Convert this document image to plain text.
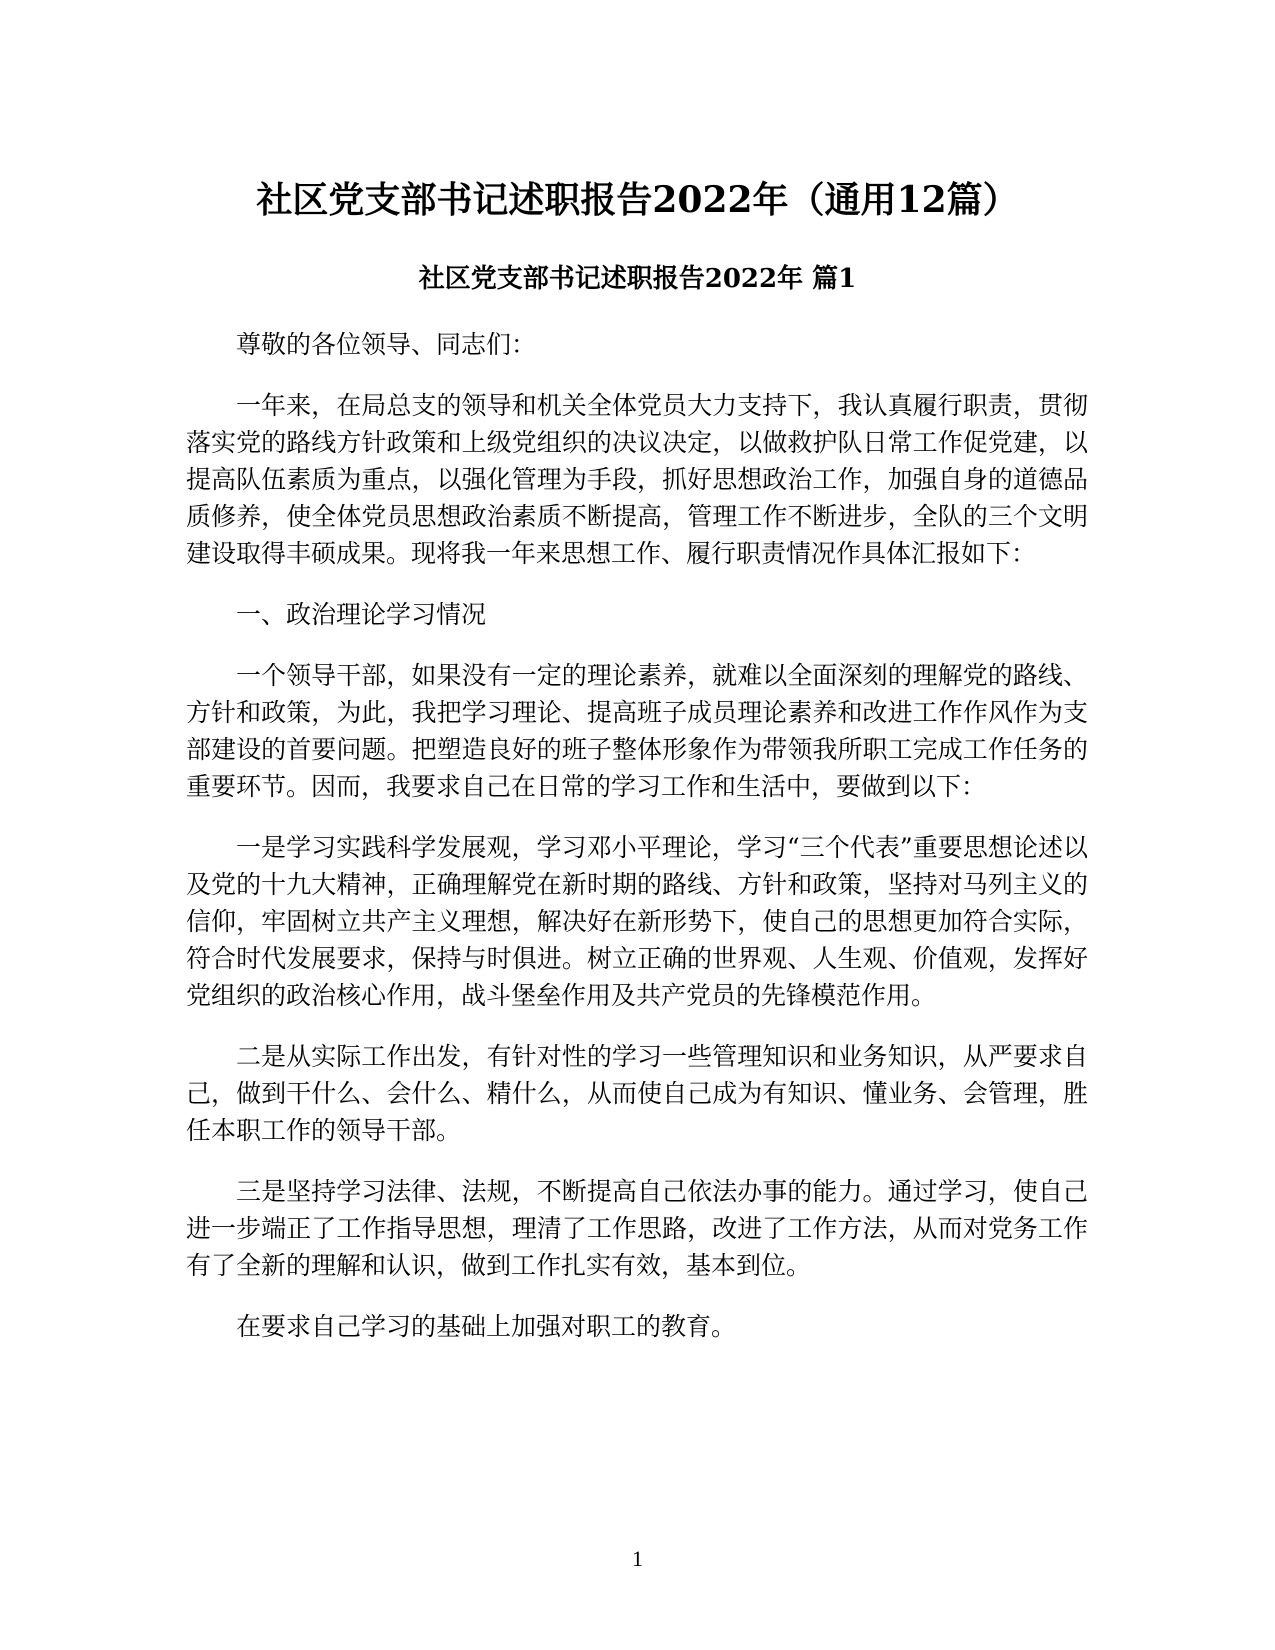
社区党支部书记述职报告2022年（通用12篇）
社区党支部书记述职报告2022年 篇1

尊敬的各位领导、同志们：

一年来，在局总支的领导和机关全体党员大力支持下，我认真履行职责，贯彻落实党的路线方针政策和上级党组织的决议决定，以做救护队日常工作促党建，以提高队伍素质为重点，以强化管理为手段，抓好思想政治工作，加强自身的道德品质修养，使全体党员思想政治素质不断提高，管理工作不断进步，全队的三个文明建设取得丰硕成果。现将我一年来思想工作、履行职责情况作具体汇报如下：

一、政治理论学习情况

一个领导干部，如果没有一定的理论素养，就难以全面深刻的理解党的路线、方针和政策，为此，我把学习理论、提高班子成员理论素养和改进工作作风作为支部建设的首要问题。把塑造良好的班子整体形象作为带领我所职工完成工作任务的重要环节。因而，我要求自己在日常的学习工作和生活中，要做到以下：

一是学习实践科学发展观，学习邓小平理论，学习“三个代表”重要思想论述以及党的十九大精神，正确理解党在新时期的路线、方针和政策，坚持对马列主义的信仰，牢固树立共产主义理想，解决好在新形势下，使自己的思想更加符合实际，符合时代发展要求，保持与时俱进。树立正确的世界观、人生观、价值观，发挥好党组织的政治核心作用，战斗堡垒作用及共产党员的先锋模范作用。

二是从实际工作出发，有针对性的学习一些管理知识和业务知识，从严要求自己，做到干什么、会什么、精什么，从而使自己成为有知识、懂业务、会管理，胜任本职工作的领导干部。

三是坚持学习法律、法规，不断提高自己依法办事的能力。通过学习，使自己进一步端正了工作指导思想，理清了工作思路，改进了工作方法，从而对党务工作有了全新的理解和认识，做到工作扎实有效，基本到位。

在要求自己学习的基础上加强对职工的教育。

1
